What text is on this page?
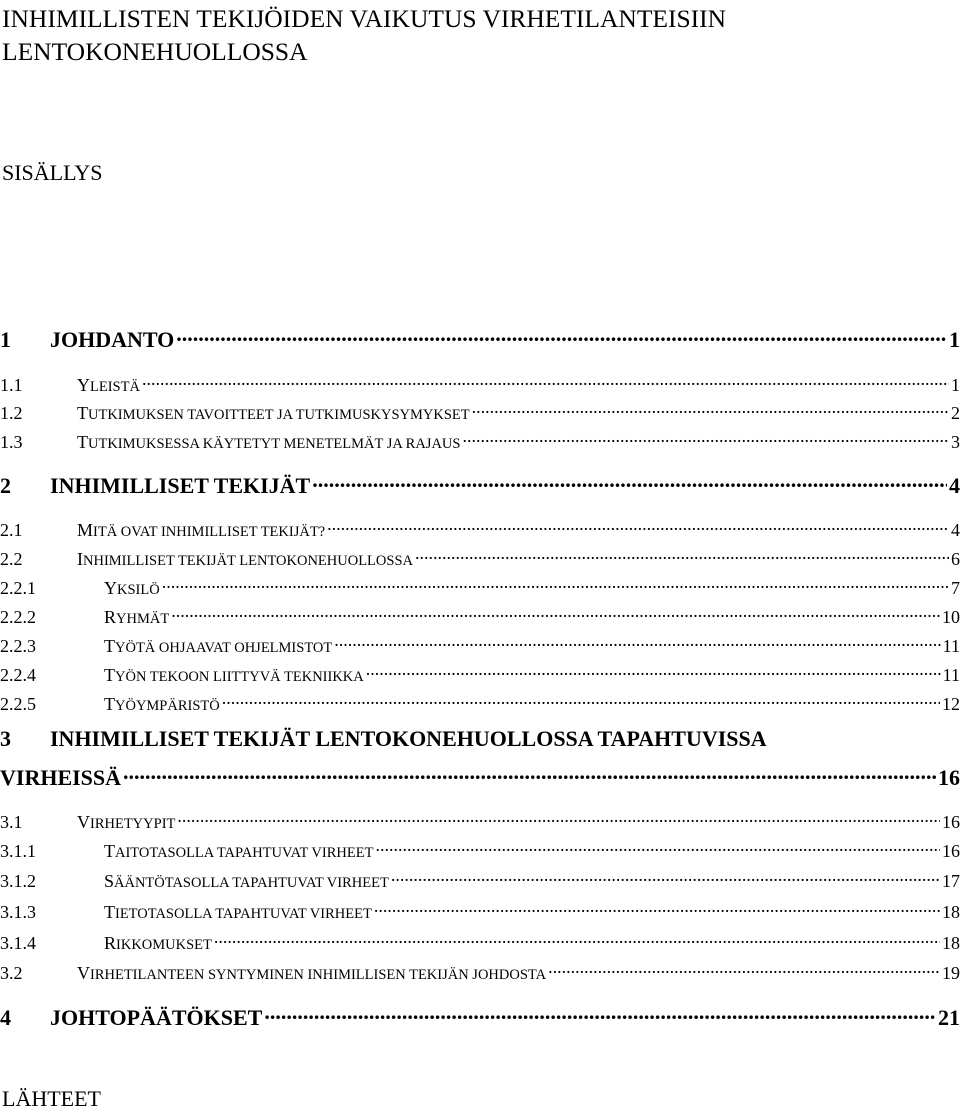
INHIMILLISTEN TEKIJÖIDEN VAIKUTUS VIRHETILANTEISIIN LENTOKONEHUOLLOSSA
SISÄLLYS
1	JOHDANTO .....	1
1.1	YLEISTÄ .....	1
1.2	TUTKIMUKSEN TAVOITTEET JA TUTKIMUSKYSYMYKSET .....	2
1.3	TUTKIMUKSESSA KÄYTETYT MENETELMÄT JA RAJAUS .....	3
2	INHIMILLISET TEKIJÄT .....	4
2.1	MITÄ OVAT INHIMILLISET TEKIJÄT? .....	4
2.2	INHIMILLISET TEKIJÄT LENTOKONEHUOLLOSSA .....	6
2.2.1	YKSILÖ .....	7
2.2.2	RYHMÄT .....	10
2.2.3	TYÖTÄ OHJAAVAT OHJELMISTOT .....	11
2.2.4	TYÖN TEKOON LIITTYVÄ TEKNIIKKA .....	11
2.2.5	TYÖYMPÄRISTÖ .....	12
3	INHIMILLISET TEKIJÄT LENTOKONEHUOLLOSSA TAPAHTUVISSA
VIRHEISSÄ .....	16
3.1	VIRHETYYPIT .....	16
3.1.1	TAITOTASOLLA TAPAHTUVAT VIRHEET .....	16
3.1.2	SÄÄNTÖTASOLLA TAPAHTUVAT VIRHEET .....	17
3.1.3	TIETOTASOLLA TAPAHTUVAT VIRHEET .....	18
3.1.4	RIKKOMUKSET .....	18
3.2	VIRHETILANTEEN SYNTYMINEN INHIMILLISEN TEKIJÄN JOHDOSTA .....	19
4	JOHTOPÄÄTÖKSET .....	21
LÄHTEET
